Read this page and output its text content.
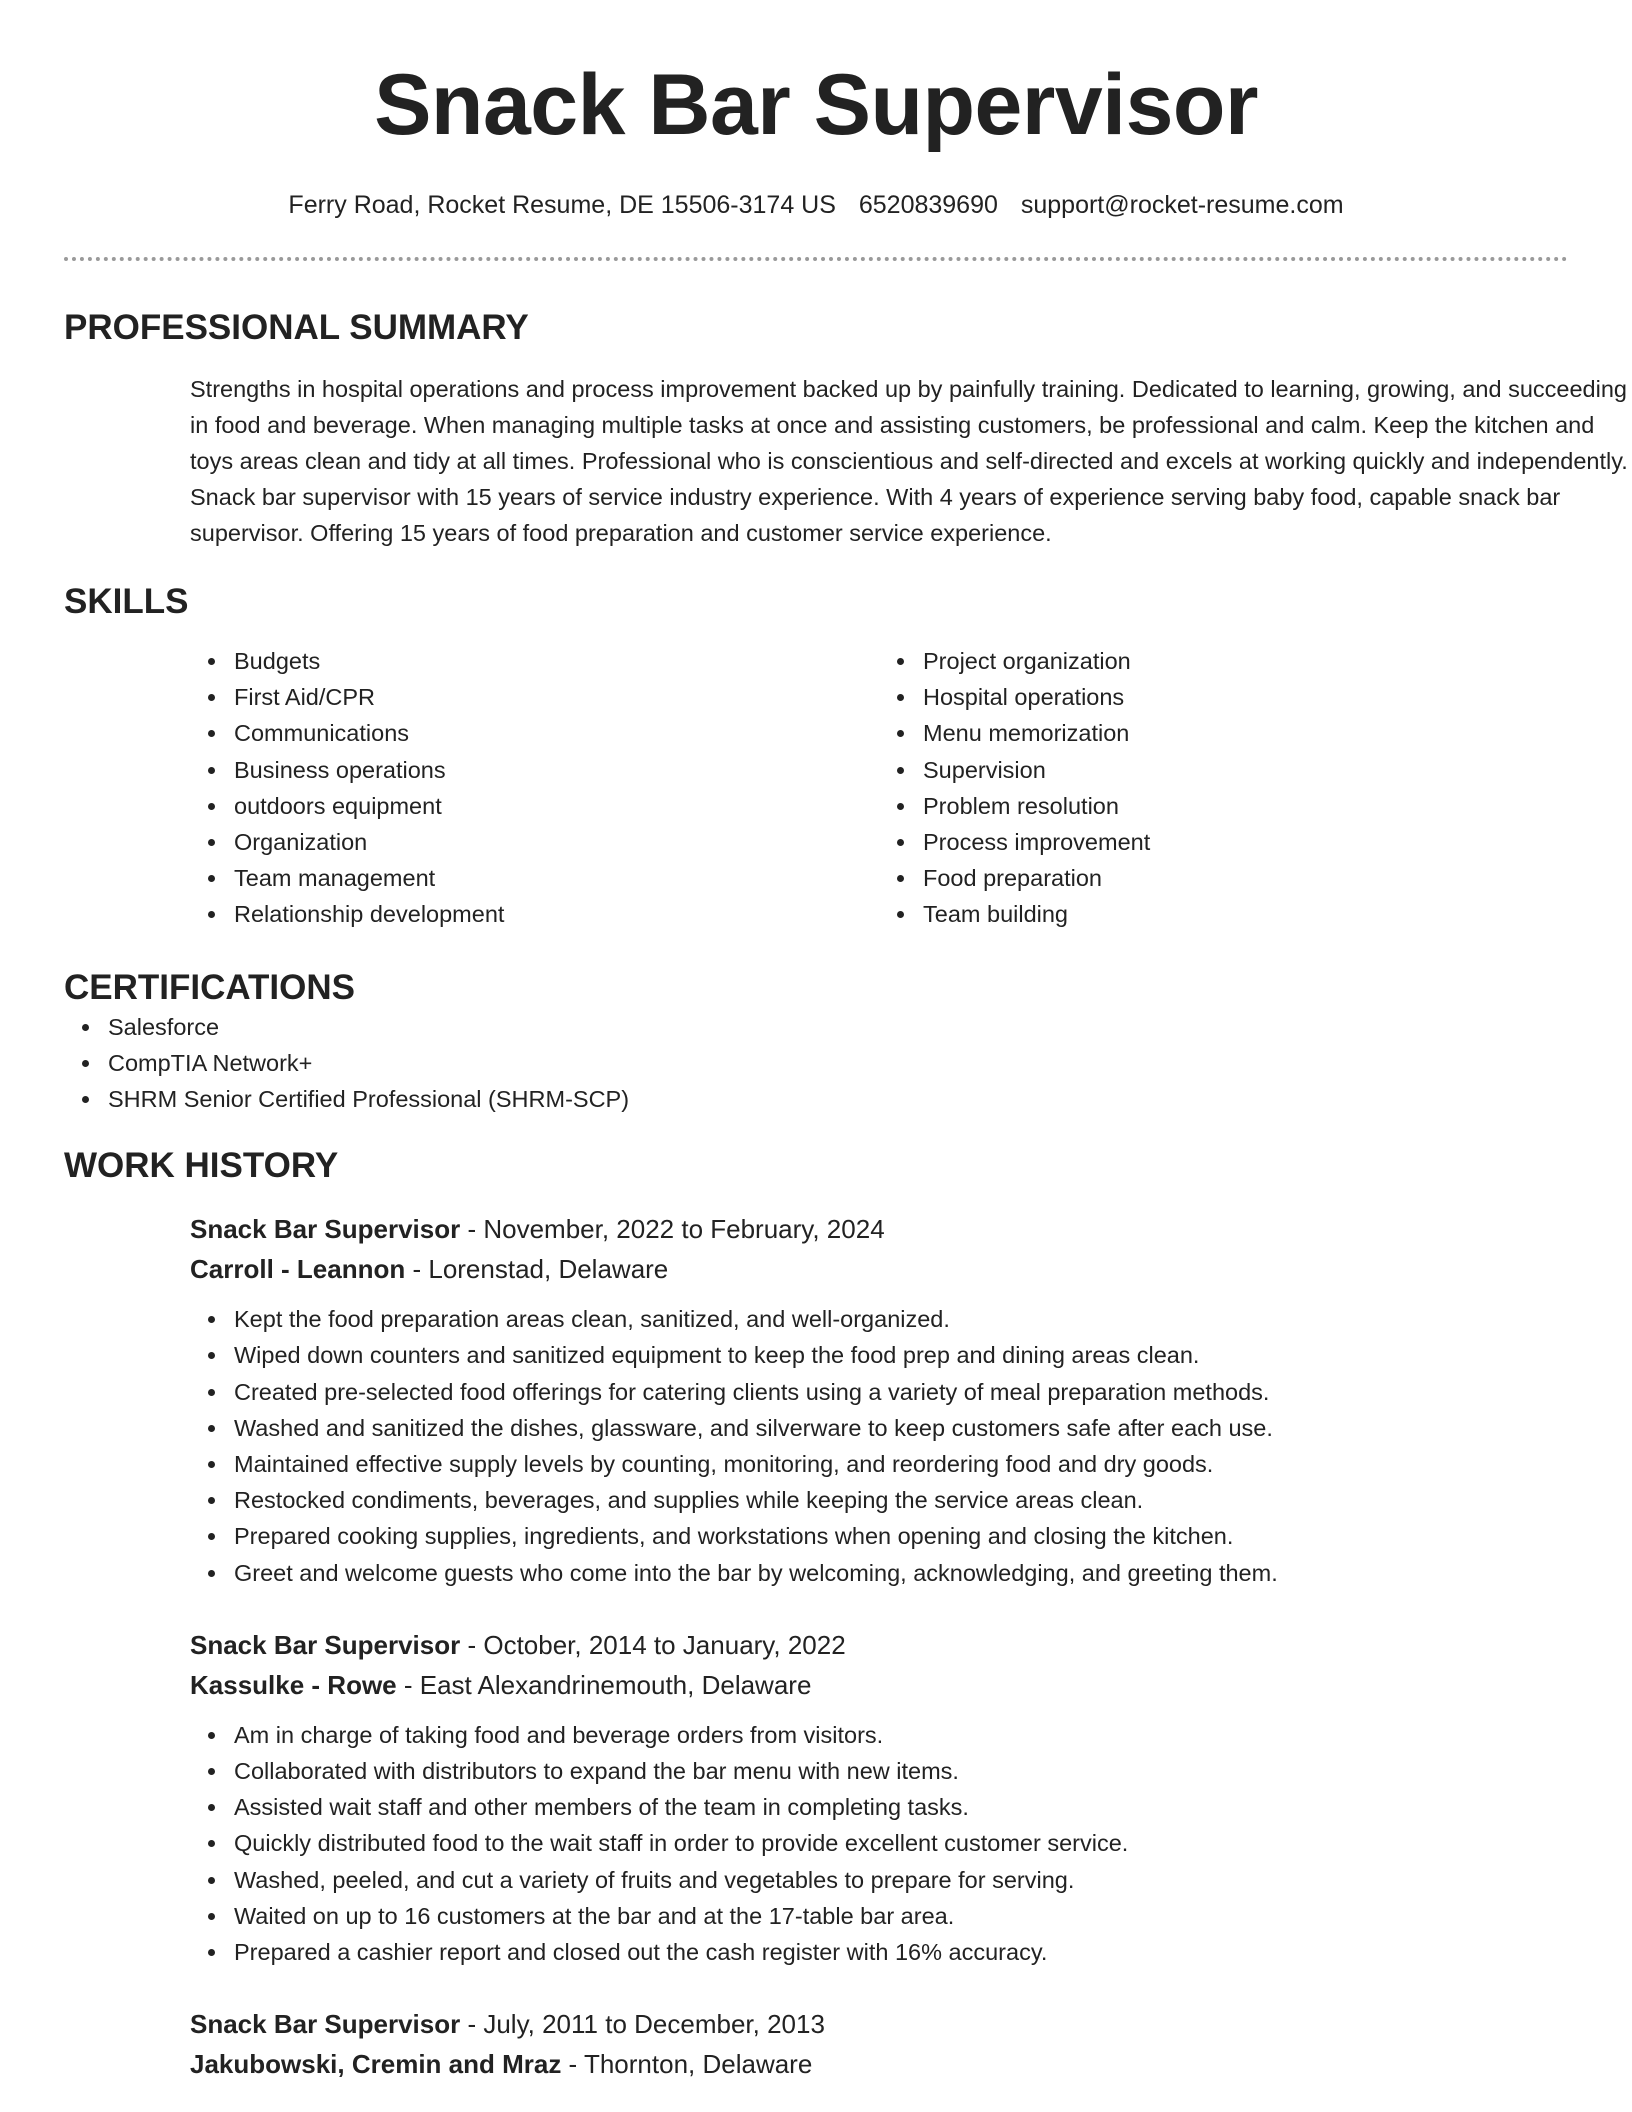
Snack Bar Supervisor
Ferry Road, Rocket Resume, DE 15506-3174 US 6520839690 support@rocket-resume.com
PROFESSIONAL SUMMARY

Strengths in hospital operations and process improvement backed up by painfully training. Dedicated to learning, growing, and succeeding in food and beverage. When managing multiple tasks at once and assisting customers, be professional and calm. Keep the kitchen and toys areas clean and tidy at all times. Professional who is conscientious and self-directed and excels at working quickly and independently. Snack bar supervisor with 15 years of service industry experience. With 4 years of experience serving baby food, capable snack bar supervisor. Offering 15 years of food preparation and customer service experience.

SKILLS
Budgets
First Aid/CPR
Communications
Business operations
outdoors equipment
Organization
Team management
Relationship development
Project organization
Hospital operations
Menu memorization
Supervision
Problem resolution
Process improvement
Food preparation
Team building
CERTIFICATIONS
Salesforce
CompTIA Network+
SHRM Senior Certified Professional (SHRM-SCP)
WORK HISTORY
Snack Bar Supervisor - November, 2022 to February, 2024
Carroll - Leannon - Lorenstad, Delaware
Kept the food preparation areas clean, sanitized, and well-organized.
Wiped down counters and sanitized equipment to keep the food prep and dining areas clean.
Created pre-selected food offerings for catering clients using a variety of meal preparation methods.
Washed and sanitized the dishes, glassware, and silverware to keep customers safe after each use.
Maintained effective supply levels by counting, monitoring, and reordering food and dry goods.
Restocked condiments, beverages, and supplies while keeping the service areas clean.
Prepared cooking supplies, ingredients, and workstations when opening and closing the kitchen.
Greet and welcome guests who come into the bar by welcoming, acknowledging, and greeting them.
Snack Bar Supervisor - October, 2014 to January, 2022
Kassulke - Rowe - East Alexandrinemouth, Delaware
Am in charge of taking food and beverage orders from visitors.
Collaborated with distributors to expand the bar menu with new items.
Assisted wait staff and other members of the team in completing tasks.
Quickly distributed food to the wait staff in order to provide excellent customer service.
Washed, peeled, and cut a variety of fruits and vegetables to prepare for serving.
Waited on up to 16 customers at the bar and at the 17-table bar area.
Prepared a cashier report and closed out the cash register with 16% accuracy.
Snack Bar Supervisor - July, 2011 to December, 2013
Jakubowski, Cremin and Mraz - Thornton, Delaware
